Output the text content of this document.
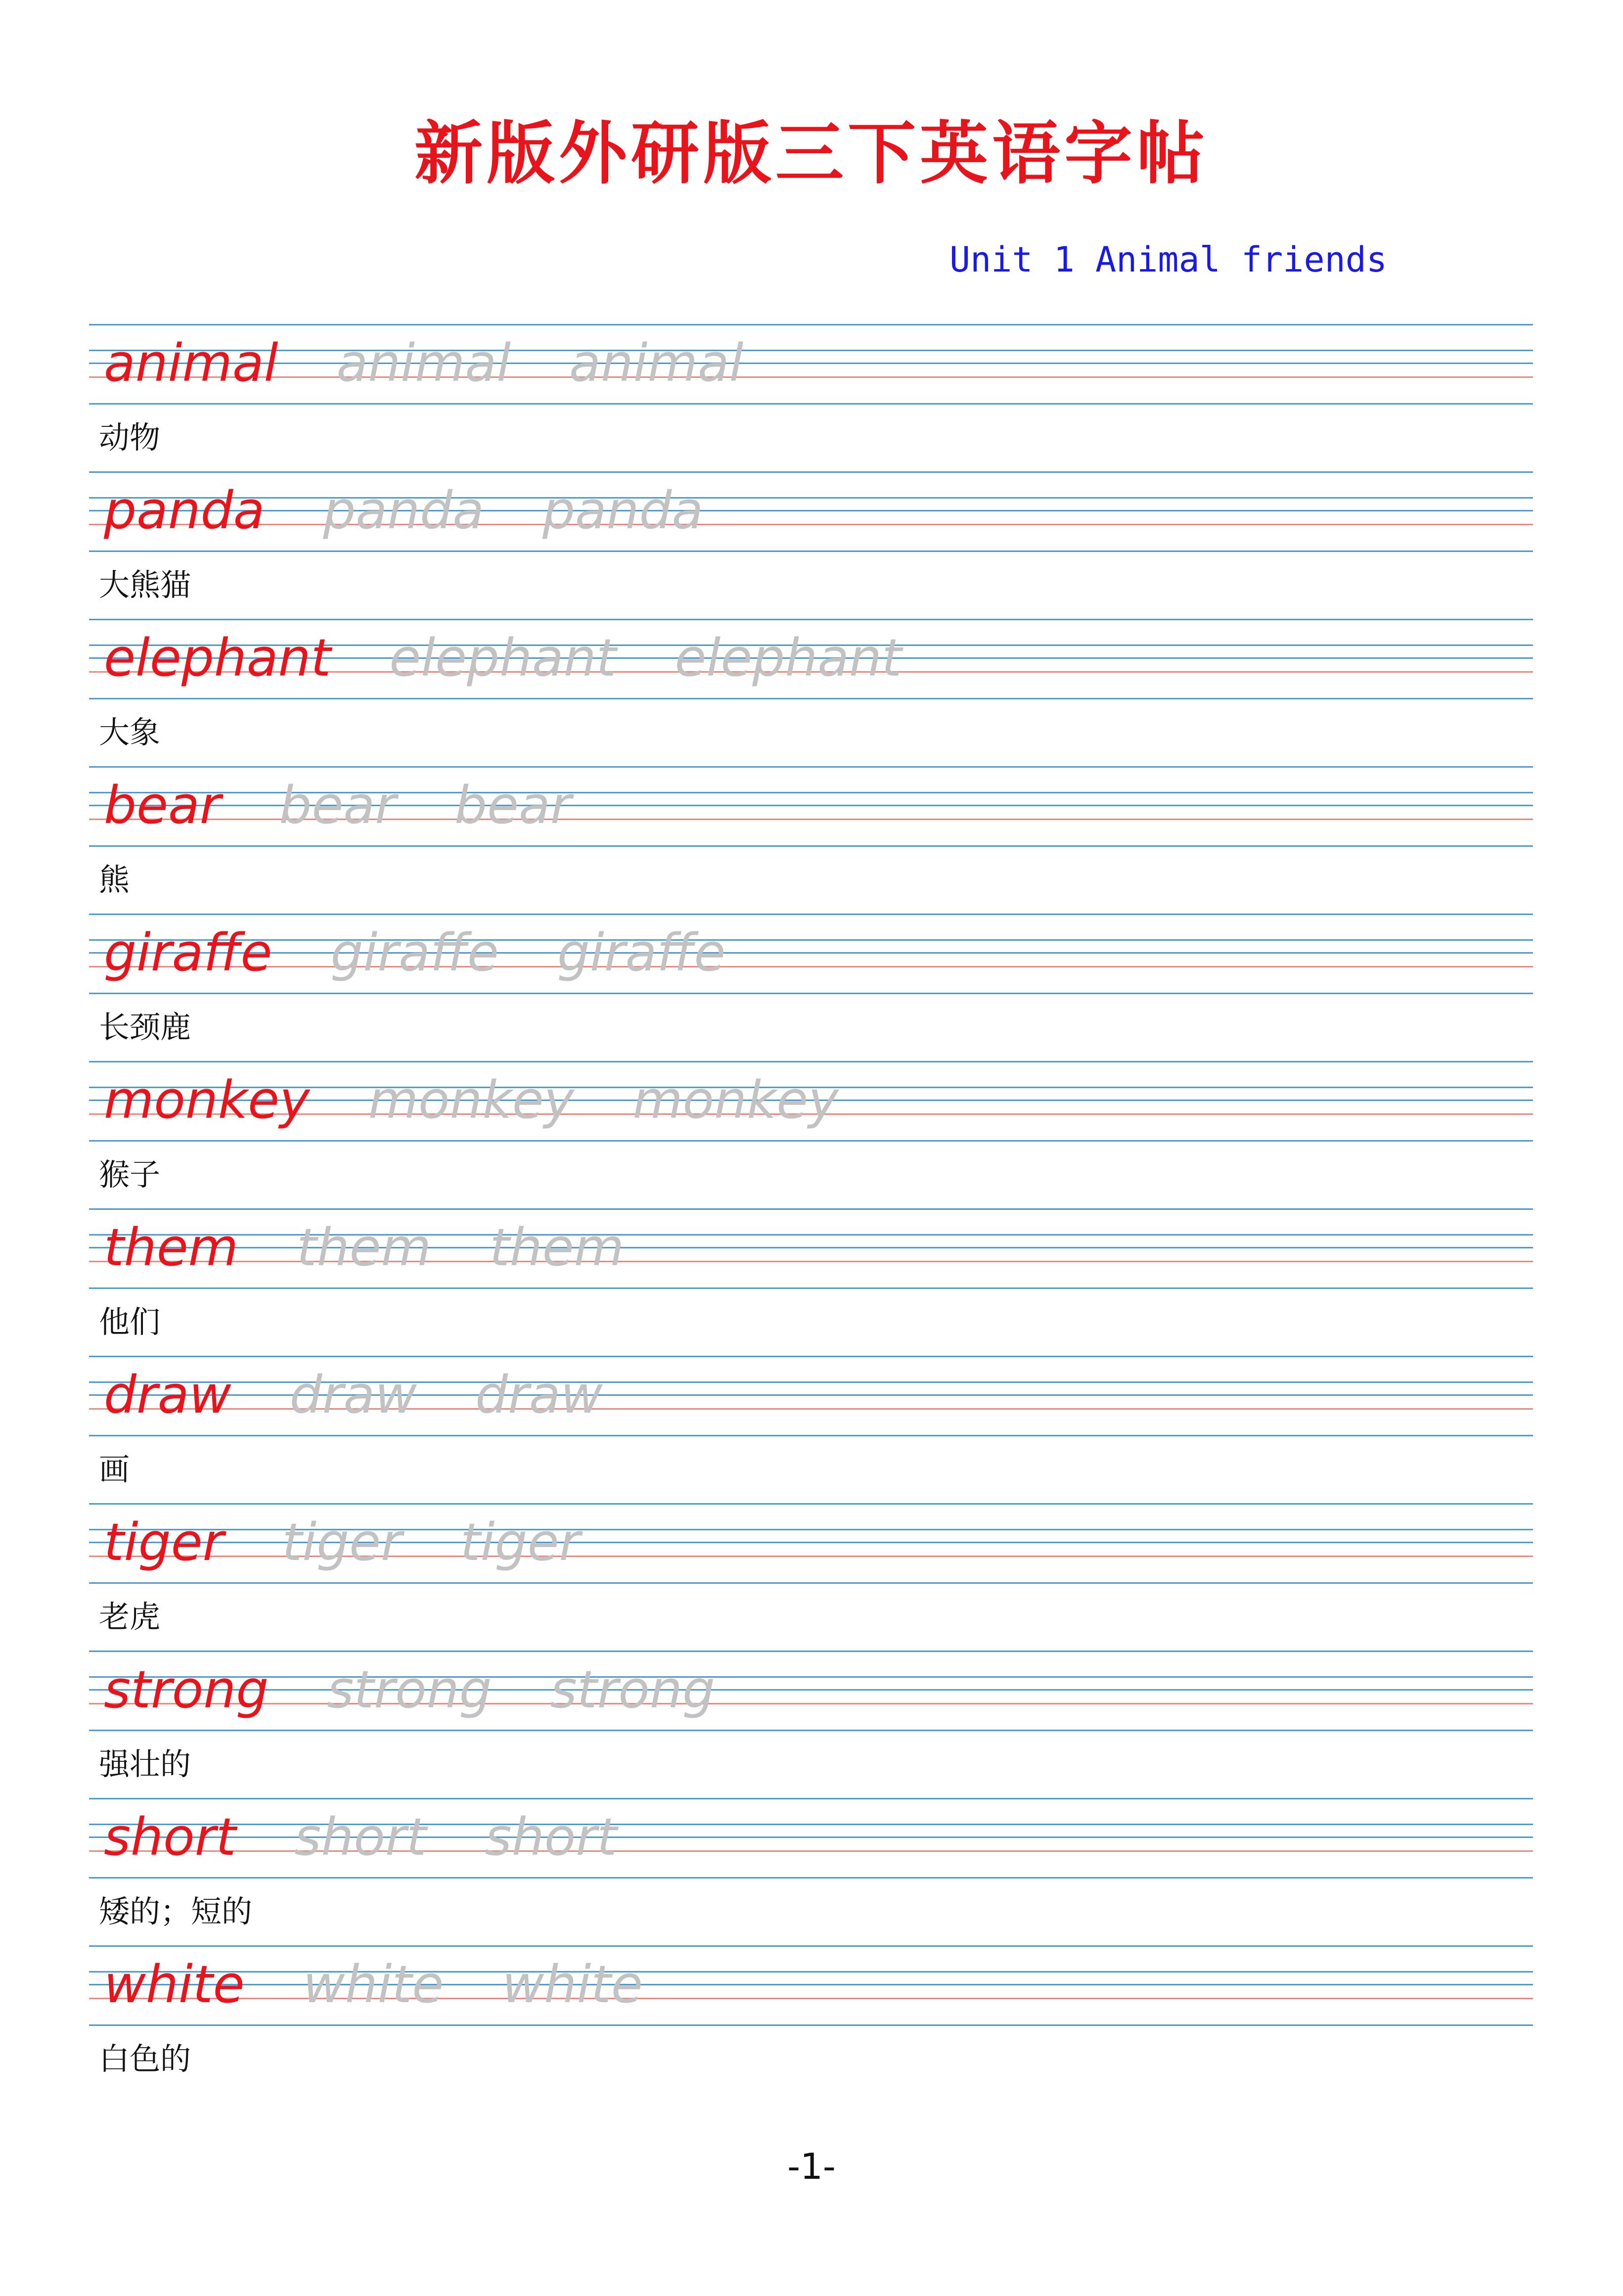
新版外研版三下英语字帖
Unit 1 Animal friends
animal animal animal
动物
panda panda panda
大熊猫
elephant elephant elephant
大象
bear bear bear
熊
giraffe giraffe giraffe
长颈鹿
monkey monkey monkey
猴子
them them them
他们
draw draw draw
画
tiger tiger tiger
老虎
strong strong strong
强壮的
short short short
矮的；短的
white white white
白色的
-1-
